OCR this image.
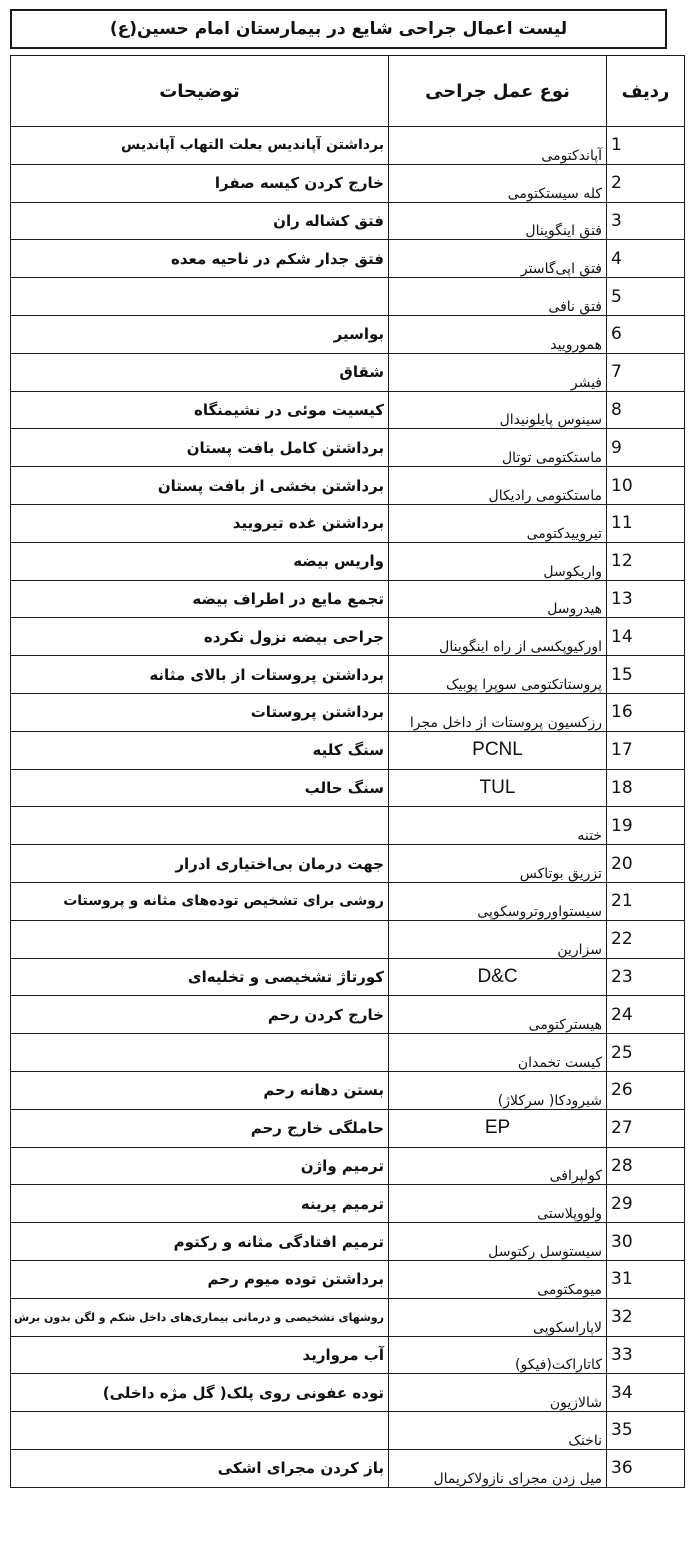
لیست اعمال جراحی شایع در بیمارستان امام حسین(ع)
ردیف	نوع عمل جراحی	توضیحات
1	آپاندکتومی	برداشتن آپاندیس بعلت التهاب آپاندیس
2	کله سیستکتومی	خارج کردن کیسه صفرا
3	فتق اینگوینال	فتق کشاله ران
4	فتق اپی‌گاستر	فتق جدار شکم در ناحیه معده
5	فتق نافی	
6	همورویید	بواسیر
7	فیشر	شقاق
8	سینوس پایلونیدال	کیسیت موئی در نشیمنگاه
9	ماستکتومی توتال	برداشتن کامل بافت پستان
10	ماستکتومی رادیکال	برداشتن بخشی از بافت پستان
11	تیروییدکتومی	برداشتن غده تیرویید
12	واریکوسل	واریس بیضه
13	هیدروسل	تجمع مایع در اطراف بیضه
14	اورکیوپکسی از راه اینگوینال	جراحی بیضه نزول نکرده
15	پروستاتکتومی سوپرا پوبیک	برداشتن پروستات از بالای مثانه
16	رزکسیون پروستات از داخل مجرا	برداشتن پروستات
17	PCNL	سنگ کلیه
18	TUL	سنگ حالب
19	ختنه	
20	تزریق بوتاکس	جهت درمان بی‌اختیاری ادرار
21	سیستواوروتروسکوپی	روشی برای تشخیص توده‌های مثانه و پروستات
22	سزارین	
23	D&C	کورتاژ تشخیصی و تخلیه‌ای
24	هیسترکتومی	خارج کردن رحم
25	کیست تخمدان	
26	شیرودکا( سرکلاژ)	بستن دهانه رحم
27	EP	حاملگی خارج رحم
28	کولپرافی	ترمیم واژن
29	ولووپلاستی	ترمیم پرینه
30	سیستوسل رکتوسل	ترمیم افتادگی مثانه و رکتوم
31	میومکتومی	برداشتن توده میوم رحم
32	لاپاراسکوپی	روشهای تشخیصی و درمانی بیماری‌های داخل شکم و لگن بدون برش
33	کاتاراکت(فیکو)	آب مروارید
34	شالازیون	توده عفونی روی پلک( گل مژه داخلی)
35	ناخنک	
36	میل زدن مجرای نازولاکریمال	باز کردن مجرای اشکی
